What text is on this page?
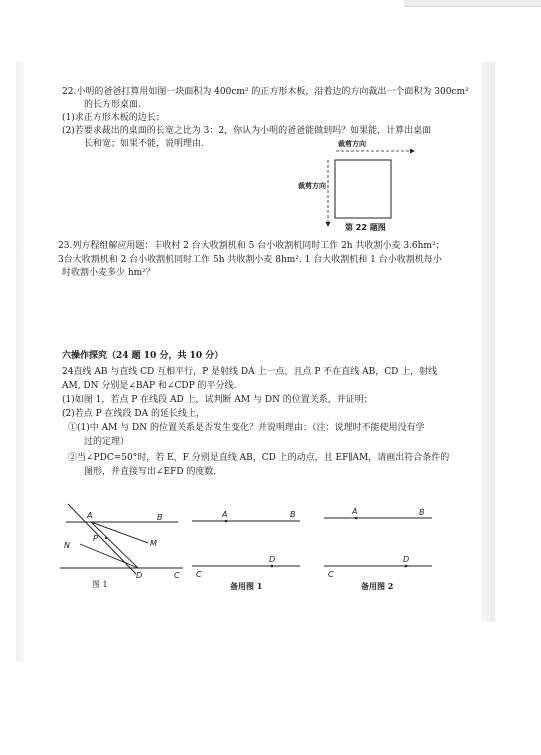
22.小明的爸爸打算用如图一块面积为 400cm² 的正方形木板，沿着边的方向裁出一个面积为 300cm²
的长方形桌面.
(1)求正方形木板的边长；
(2)若要求裁出的桌面的长宽之比为 3：2，你认为小明的爸爸能做到吗？如果能，计算出桌面
长和宽；如果不能，说明理由.	裁剪方向
裁剪方向
第 22 题图
23.列方程组解应用题：丰收村 2 台大收割机和 5 台小收割机同时工作 2h 共收割小麦 3.6hm²；
3台大收割机和 2 台小收割机同时工作 5h 共收割小麦 8hm². 1 台大收割机和 1 台小收割机每小
时收割小麦多少 hm²？
六操作探究（24 题 10 分，共 10 分）
24直线 AB 与直线 CD 互相平行，P 是射线 DA 上一点，且点 P 不在直线 AB，CD 上，射线
AM, DN 分别是∠BAP 和∠CDP 的平分线.
(1)如图 1，若点 P 在线段 AD 上，试判断 AM 与 DN 的位置关系，并证明；
(2)若点 P 在线段 DA 的延长线上，
①(1)中 AM 与 DN 的位置关系是否发生变化？并说明理由；（注：说理时不能使用没有学
过的定理）
②当∠PDC=50°时，若 E，F 分别是直线 AB，CD 上的动点，且 EF∥AM，请画出符合条件的
图形，并直接写出∠EFD 的度数.
A	B
P
M
N
D	C
图 1
A	B
C
D
备用图 1
A	B
C
D
备用图 2
